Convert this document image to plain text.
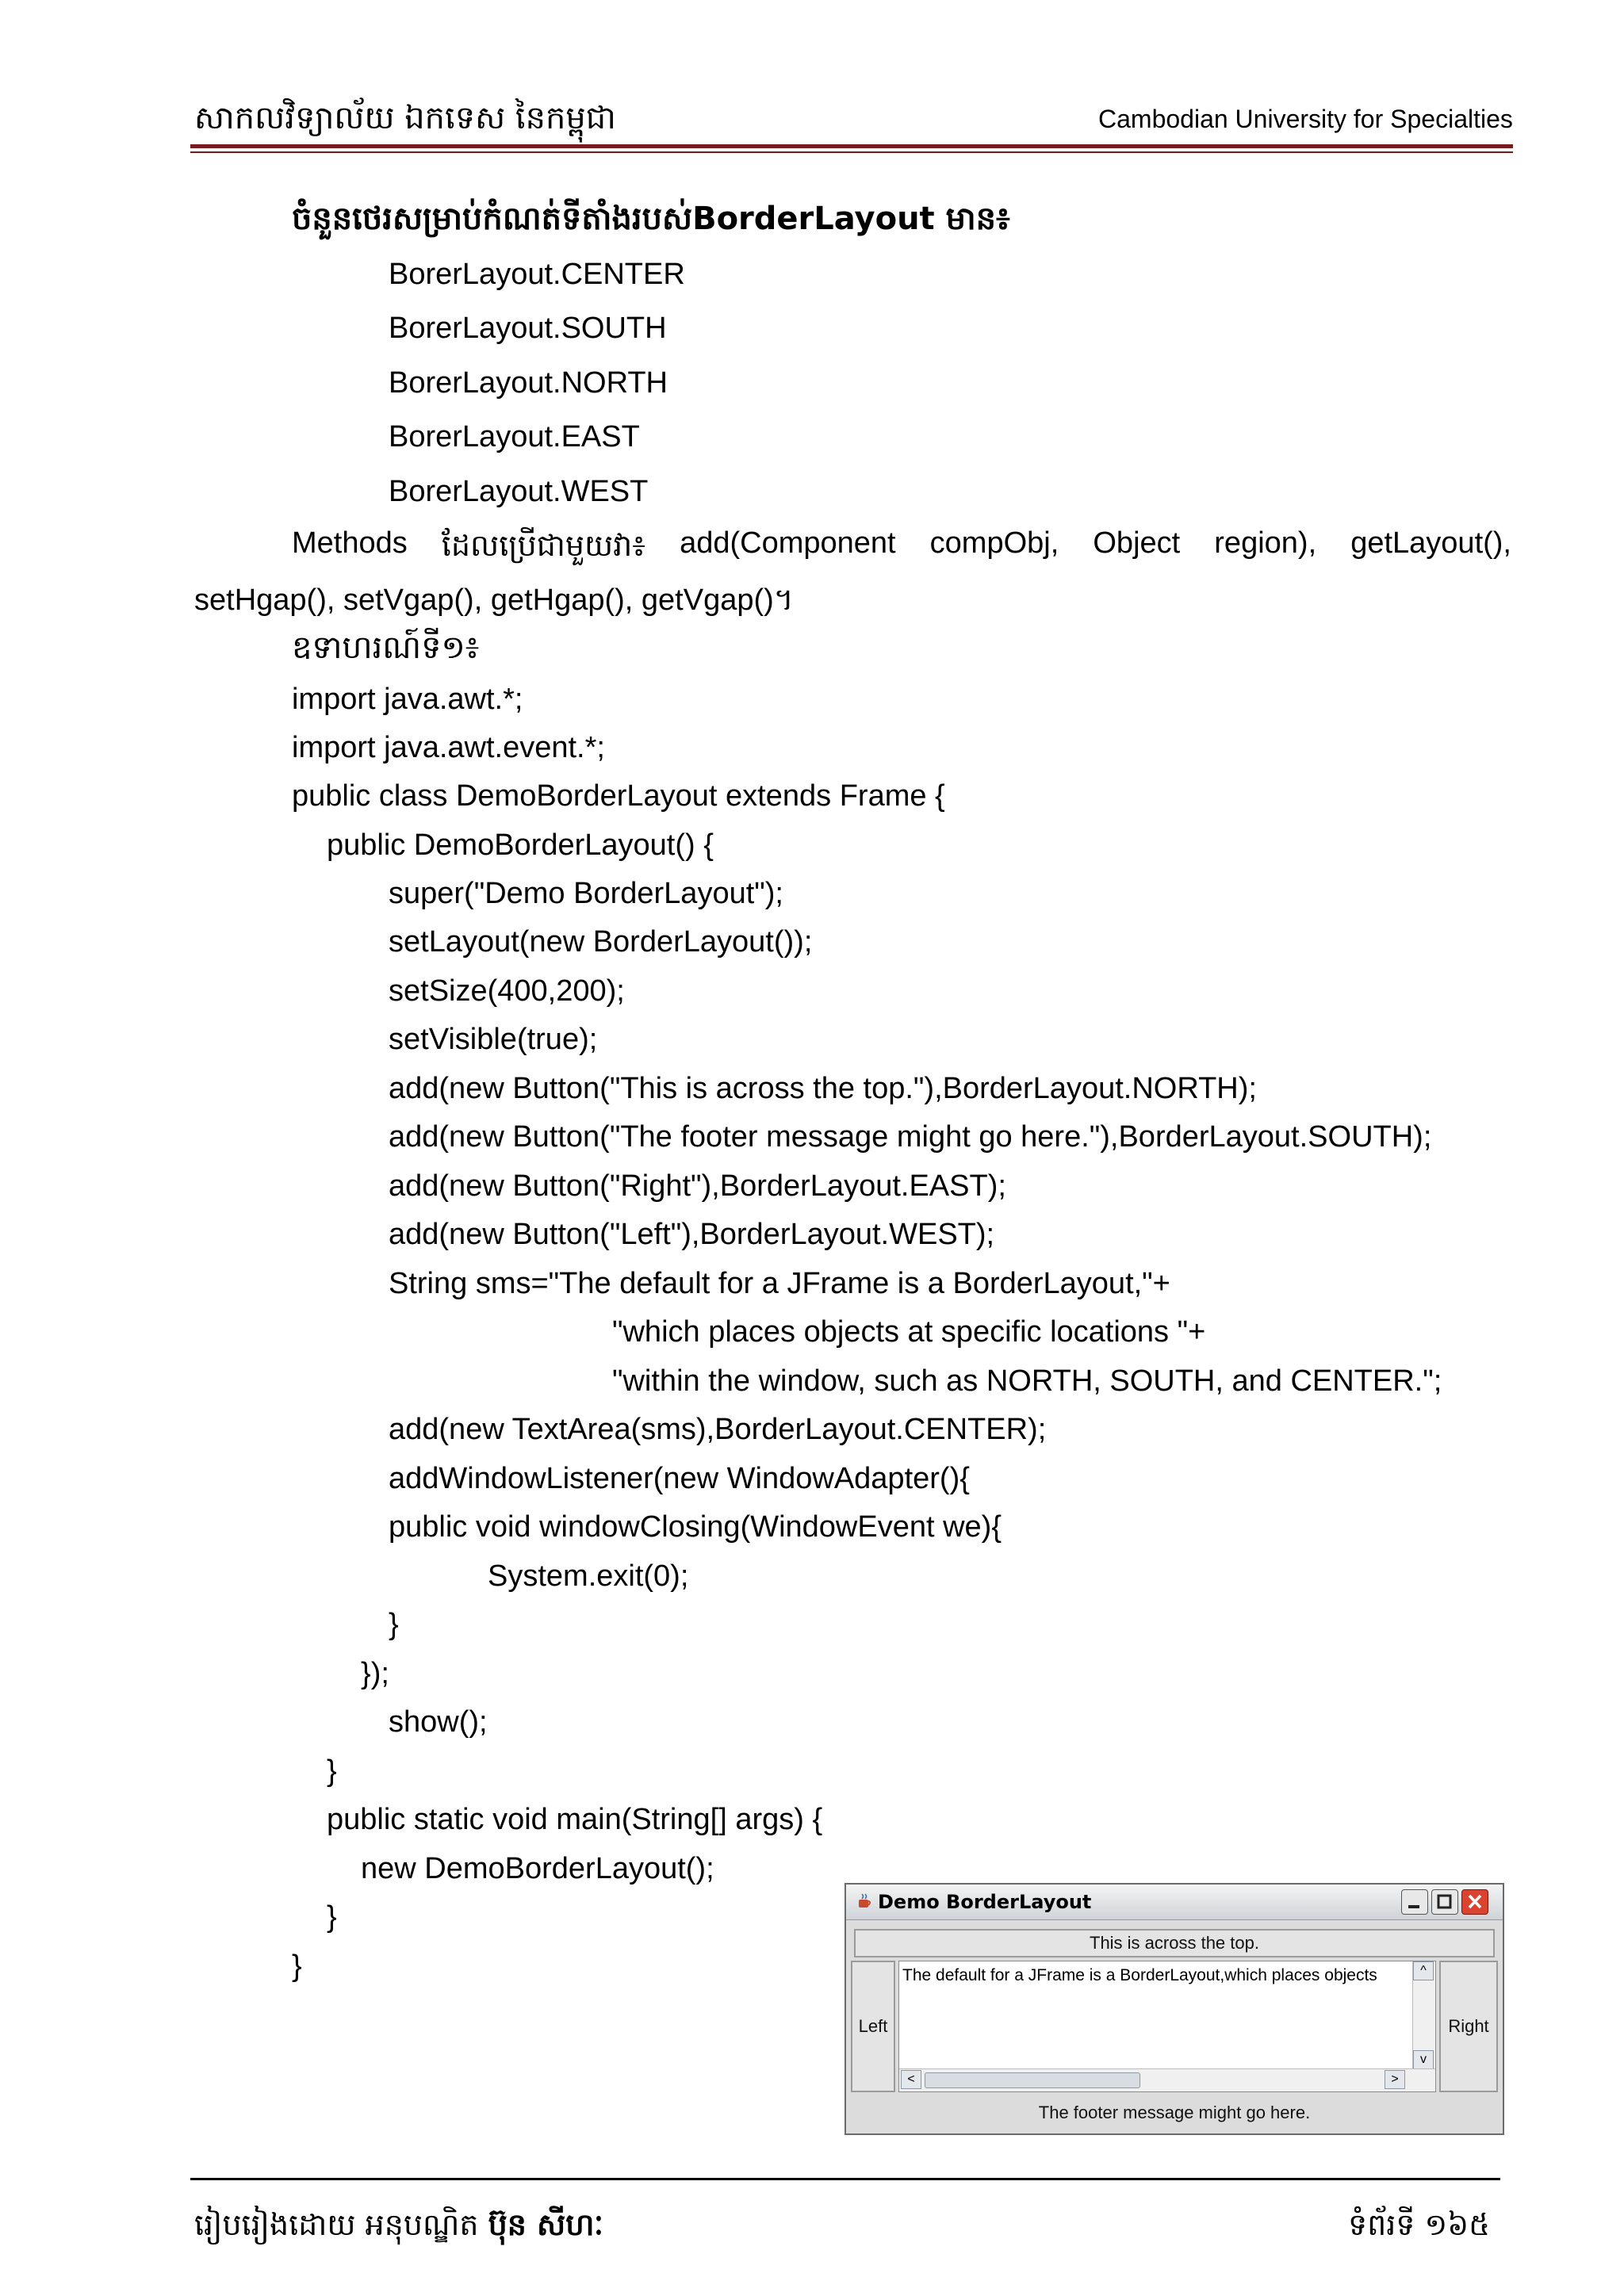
សាកលវិទ្យាល័យ ឯកទេស នៃកម្ពុជា	Cambodian University for Specialties
ចំនួនថេរសម្រាប់កំណត់ទីតាំងរបស់BorderLayout មាន៖
BorerLayout.CENTER
BorerLayout.SOUTH
BorerLayout.NORTH
BorerLayout.EAST
BorerLayout.WEST
Methods ដែលប្រើជាមួយវា៖ add(Component compObj, Object region), getLayout(),
setHgap(), setVgap(), getHgap(), getVgap()។
ឧទាហរណ៍ទី១៖
import java.awt.*;
import java.awt.event.*;
public class DemoBorderLayout extends Frame {
public DemoBorderLayout() {
super("Demo BorderLayout");
setLayout(new BorderLayout());
setSize(400,200);
setVisible(true);
add(new Button("This is across the top."),BorderLayout.NORTH);
add(new Button("The footer message might go here."),BorderLayout.SOUTH);
add(new Button("Right"),BorderLayout.EAST);
add(new Button("Left"),BorderLayout.WEST);
String sms="The default for a JFrame is a BorderLayout,"+
"which places objects at specific locations "+
"within the window, such as NORTH, SOUTH, and CENTER.";
add(new TextArea(sms),BorderLayout.CENTER);
addWindowListener(new WindowAdapter(){
public void windowClosing(WindowEvent we){
System.exit(0);
}
});
show();
}
public static void main(String[] args) {
new DemoBorderLayout();
}
}
Demo BorderLayout
This is across the top.
Left
The default for a JFrame is a BorderLayout,which places objects	^
v
<	>
Right
The footer message might go here.
រៀបរៀងដោយ អនុបណ្ឌិត ប៊ុន សីហៈ	ទំព័រទី ១៦៥
